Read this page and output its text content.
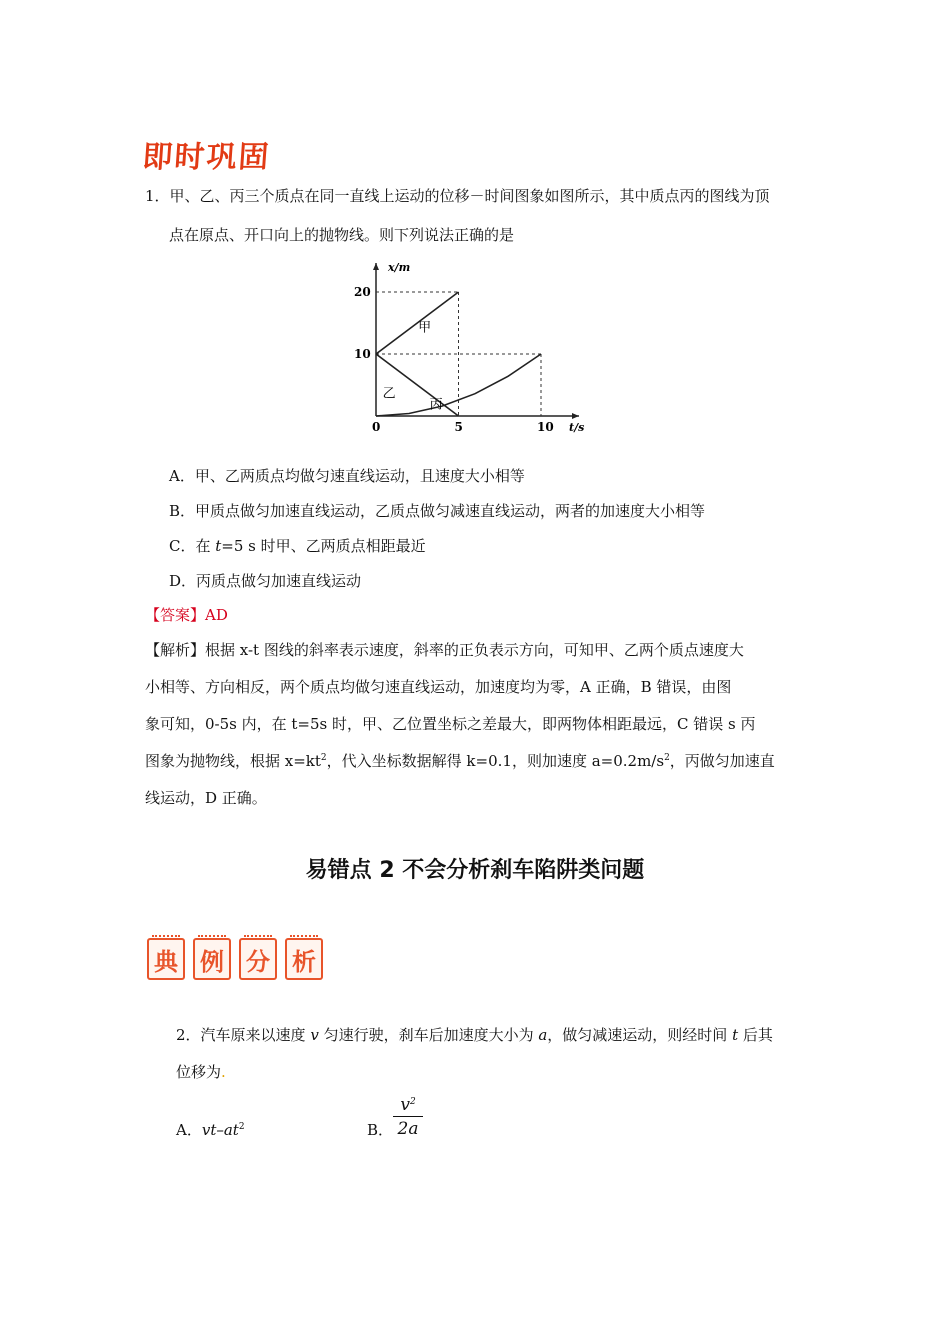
即时巩固
1．甲、乙、丙三个质点在同一直线上运动的位移－时间图象如图所示，其中质点丙的图线为顶
点在原点、开口向上的抛物线。则下列说法正确的是
x/m
t/s
0	5	10
10
20
甲
乙
丙
A．甲、乙两质点均做匀速直线运动，且速度大小相等
B．甲质点做匀加速直线运动，乙质点做匀减速直线运动，两者的加速度大小相等
C．在 t=5 s 时甲、乙两质点相距最近
D．丙质点做匀加速直线运动
【答案】AD
【解析】根据 x-t 图线的斜率表示速度，斜率的正负表示方向，可知甲、乙两个质点速度大
小相等、方向相反，两个质点均做匀速直线运动，加速度均为零，A 正确，B 错误，由图
象可知，0-5s 内，在 t=5s 时，甲、乙位置坐标之差最大，即两物体相距最远，C 错误 s 丙
图象为抛物线，根据 $x=kt^2$，代入坐标数据解得 k=0.1，则加速度 $a=0.2m/s^2$，丙做匀加速直
线运动，D 正确。
易错点 2 不会分析刹车陷阱类问题
典 例 分 析
2．汽车原来以速度 v 匀速行驶，刹车后加速度大小为 a，做匀减速运动，则经时间 t 后其
位移为.
A．$vt-at^2$	B． $\frac{v^2}{2a}$
